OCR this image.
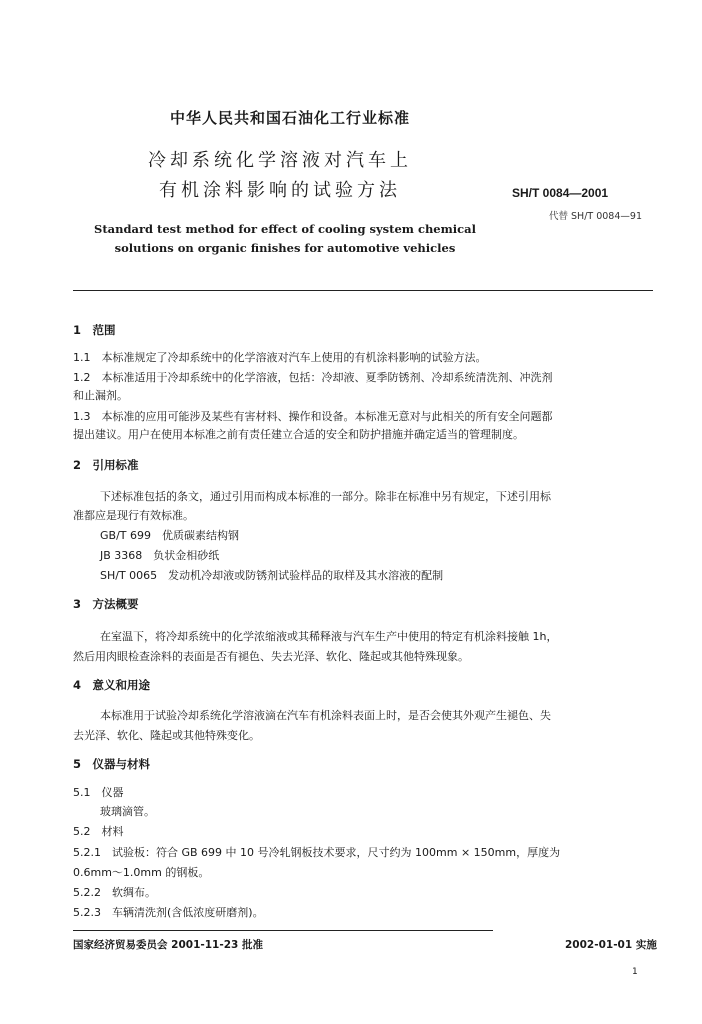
中华人民共和国石油化工行业标准
冷却系统化学溶液对汽车上
有机涂料影响的试验方法	SH/T 0084—2001
代替 SH/T 0084—91
Standard test method for effect of cooling system chemical
solutions on organic finishes for automotive vehicles
1　范围
1.1　本标准规定了冷却系统中的化学溶液对汽车上使用的有机涂料影响的试验方法。
1.2　本标准适用于冷却系统中的化学溶液，包括：冷却液、夏季防锈剂、冷却系统清洗剂、冲洗剂
和止漏剂。
1.3　本标准的应用可能涉及某些有害材料、操作和设备。本标准无意对与此相关的所有安全问题都
提出建议。用户在使用本标准之前有责任建立合适的安全和防护措施并确定适当的管理制度。
2　引用标准
下述标准包括的条文，通过引用而构成本标准的一部分。除非在标准中另有规定，下述引用标
准都应是现行有效标准。
GB/T 699　优质碳素结构钢
JB 3368　负状金相砂纸
SH/T 0065　发动机冷却液或防锈剂试验样品的取样及其水溶液的配制
3　方法概要
在室温下，将冷却系统中的化学浓缩液或其稀释液与汽车生产中使用的特定有机涂料接触 1h，
然后用肉眼检查涂料的表面是否有褪色、失去光泽、软化、隆起或其他特殊现象。
4　意义和用途
本标准用于试验冷却系统化学溶液滴在汽车有机涂料表面上时，是否会使其外观产生褪色、失
去光泽、软化、隆起或其他特殊变化。
5　仪器与材料
5.1　仪器
玻璃滴管。
5.2　材料
5.2.1　试验板：符合 GB 699 中 10 号冷轧钢板技术要求，尺寸约为 100mm × 150mm，厚度为
0.6mm～1.0mm 的钢板。
5.2.2　软绸布。
5.2.3　车辆清洗剂(含低浓度研磨剂)。
国家经济贸易委员会 2001-11-23 批准	2002-01-01 实施
1
